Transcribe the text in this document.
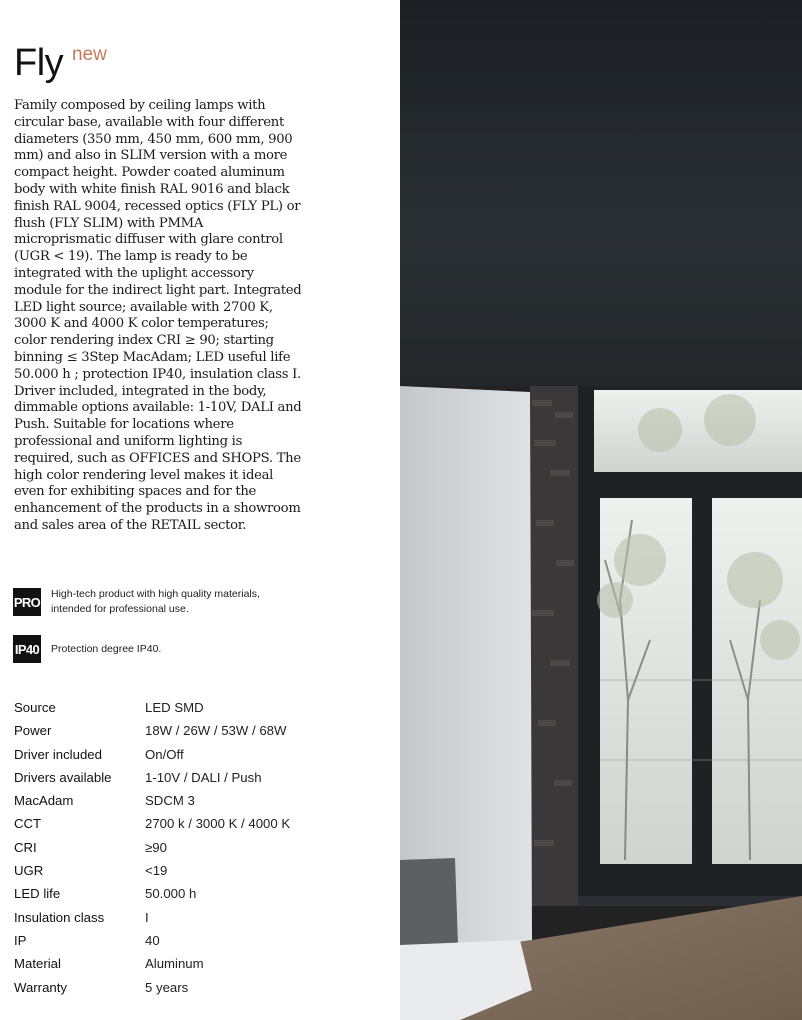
Fly new
Family composed by ceiling lamps with circular base, available with four different diameters (350 mm, 450 mm, 600 mm, 900 mm) and also in SLIM version with a more compact height. Powder coated aluminum body with white finish RAL 9016 and black finish RAL 9004, recessed optics (FLY PL) or flush (FLY SLIM) with PMMA microprismatic diffuser with glare control (UGR < 19). The lamp is ready to be integrated with the uplight accessory module for the indirect light part. Integrated LED light source; available with 2700 K, 3000 K and 4000 K color temperatures; color rendering index CRI ≥ 90; starting binning ≤ 3Step MacAdam; LED useful life 50.000 h ; protection IP40, insulation class I. Driver included, integrated in the body, dimmable options available: 1-10V, DALI and Push. Suitable for locations where professional and uniform lighting is required, such as OFFICES and SHOPS. The high color rendering level makes it ideal even for exhibiting spaces and for the enhancement of the products in a showroom and sales area of the RETAIL sector.
PRO
High-tech product with high quality materials, intended for professional use.
IP40 Protection degree IP40.
Source	LED SMD
Power	18W / 26W / 53W / 68W
Driver included	On/Off
Drivers available	1-10V / DALI / Push
MacAdam	SDCM 3
CCT	2700 k / 3000 K / 4000 K
CRI	≥90
UGR	<19
LED life	50.000 h
Insulation class	I
IP	40
Material	Aluminum
Warranty	5 years
